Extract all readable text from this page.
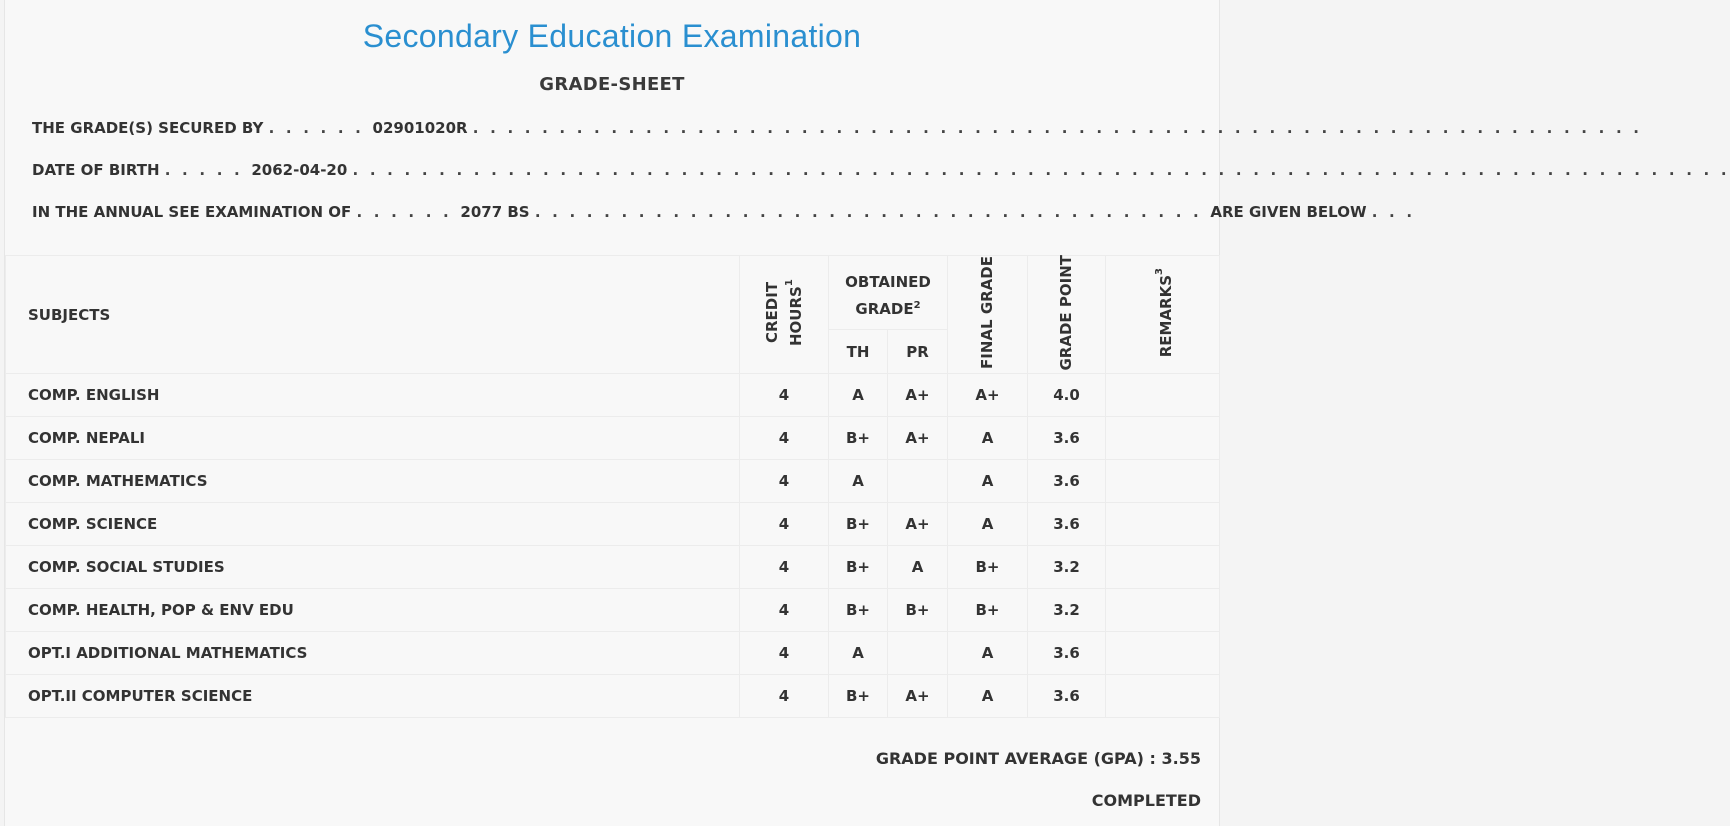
Secondary Education Examination
GRADE-SHEET
THE GRADE(S) SECURED BY . . . . . . 02901020R . . . . . . . . . . . . . . . . . . . . . . . . . . . . . . . . . . . . . . . . . . . . . . . . . . . . . . . . . . . . . . . . . . . .
DATE OF BIRTH . . . . . 2062-04-20 . . . . . . . . . . . . . . . . . . . . . . . . . . . . . . . . . . . . . . . . . . . . . . . . . . . . . . . . . . . . . . . . . . . . . . . . . . . . . . . .
IN THE ANNUAL SEE EXAMINATION OF . . . . . . 2077 BS . . . . . . . . . . . . . . . . . . . . . . . . . . . . . . . . . . . . . . . ARE GIVEN BELOW . . .
SUBJECTS	CREDIT HOURS$^1$	OBTAINED GRADE$^2$		FINAL GRADE	GRADE POINT	REMARKS$^3$
		TH	PR			
COMP. ENGLISH	4	A	A+	A+	4.0	
COMP. NEPALI	4	B+	A+	A	3.6	
COMP. MATHEMATICS	4	A		A	3.6	
COMP. SCIENCE	4	B+	A+	A	3.6	
COMP. SOCIAL STUDIES	4	B+	A	B+	3.2	
COMP. HEALTH, POP & ENV EDU	4	B+	B+	B+	3.2	
OPT.I ADDITIONAL MATHEMATICS	4	A		A	3.6	
OPT.II COMPUTER SCIENCE	4	B+	A+	A	3.6	
GRADE POINT AVERAGE (GPA) : 3.55
COMPLETED
